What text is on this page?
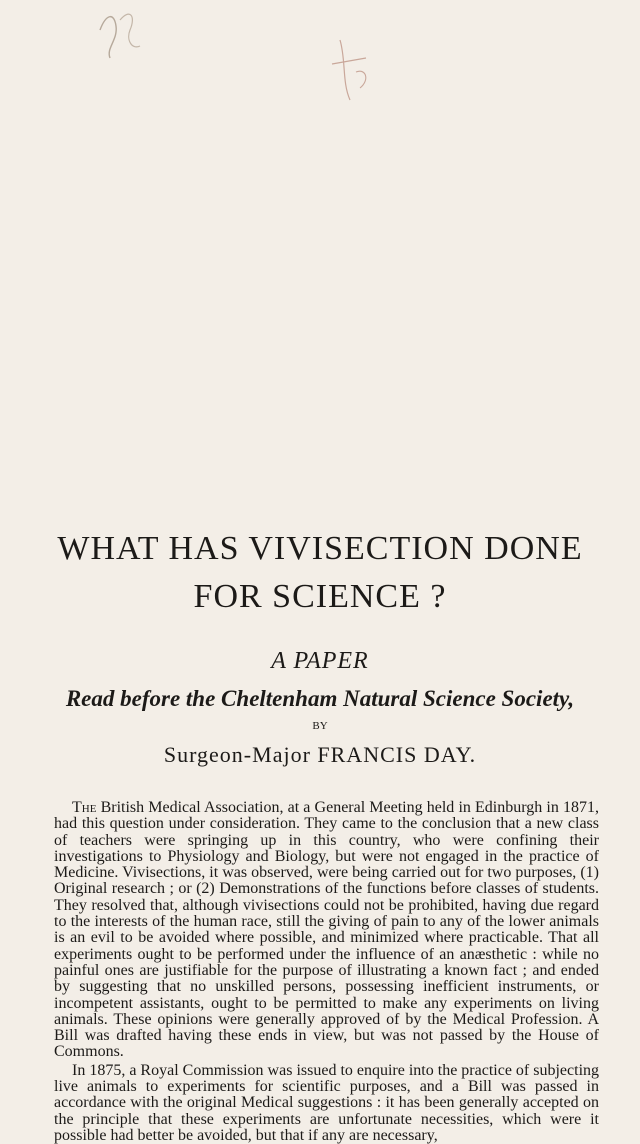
WHAT HAS VIVISECTION DONE
FOR SCIENCE ?
A PAPER
Read before the Cheltenham Natural Science Society,
BY
Surgeon-Major FRANCIS DAY.

The British Medical Association, at a General Meeting held in Edinburgh in 1871, had this question under consideration. They came to the conclusion that a new class of teachers were springing up in this country, who were confining their investigations to Physiology and Biology, but were not engaged in the practice of Medicine. Vivisections, it was observed, were being carried out for two purposes, (1) Original research ; or (2) Demonstrations of the functions before classes of students. They resolved that, although vivisections could not be prohibited, having due regard to the interests of the human race, still the giving of pain to any of the lower animals is an evil to be avoided where possible, and minimized where practicable. That all experiments ought to be performed under the influence of an anæsthetic : while no painful ones are justifiable for the purpose of illustrating a known fact ; and ended by suggesting that no unskilled persons, possessing inefficient instruments, or incompetent assistants, ought to be permitted to make any experiments on living animals. These opinions were generally approved of by the Medical Profession. A Bill was drafted having these ends in view, but was not passed by the House of Commons.

In 1875, a Royal Commission was issued to enquire into the practice of subjecting live animals to experiments for scientific purposes, and a Bill was passed in accordance with the original Medical suggestions : it has been generally accepted on the principle that these experiments are unfortunate necessities, which were it possible had better be avoided, but that if any are necessary,
